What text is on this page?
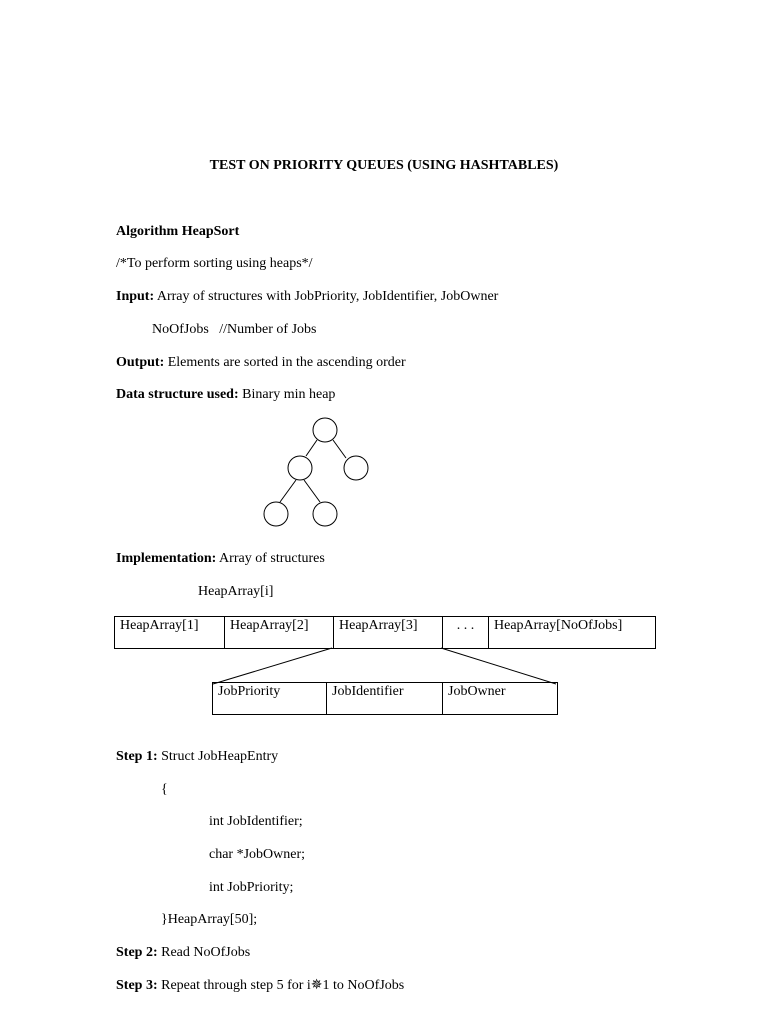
TEST ON PRIORITY QUEUES (USING HASHTABLES)
Algorithm HeapSort
/*To perform sorting using heaps*/
Input: Array of structures with JobPriority, JobIdentifier, JobOwner
NoOfJobs   //Number of Jobs
Output: Elements are sorted in the ascending order
Data structure used: Binary min heap
Implementation: Array of structures
HeapArray[i]
HeapArray[1]	HeapArray[2]	HeapArray[3]	. . .	HeapArray[NoOfJobs]
JobPriority	JobIdentifier	JobOwner
Step 1: Struct JobHeapEntry
{
int JobIdentifier;
char *JobOwner;
int JobPriority;
}HeapArray[50];
Step 2: Read NoOfJobs
Step 3: Repeat through step 5 for i✵1 to NoOfJobs
